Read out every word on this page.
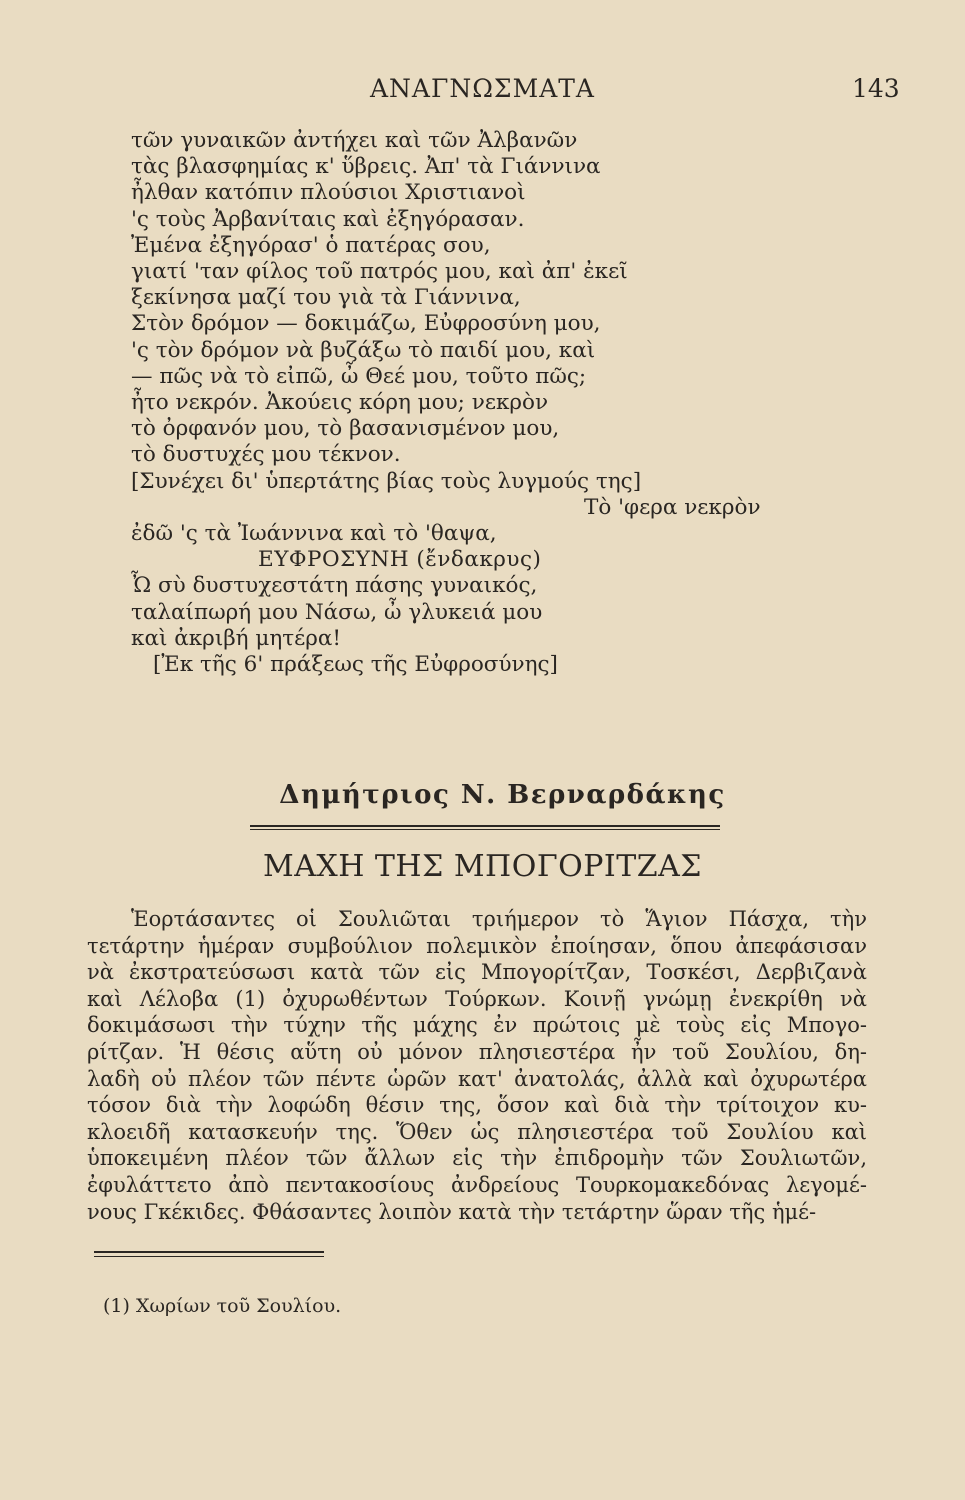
ΑΝΑΓΝΩΣΜΑΤΑ	143
τῶν γυναικῶν ἀντήχει καὶ τῶν Ἀλβανῶν
τὰς βλασφημίας κ' ὕβρεις. Ἀπ' τὰ Γιάννινα
ἦλθαν κατόπιν πλούσιοι Χριστιανοὶ
'ς τοὺς Ἀρβανίταις καὶ ἐξηγόρασαν.
Ἐμένα ἐξηγόρασ' ὁ πατέρας σου,
γιατί 'ταν φίλος τοῦ πατρός μου, καὶ ἀπ' ἐκεῖ
ξεκίνησα μαζί του γιὰ τὰ Γιάννινα,
Στὸν δρόμον — δοκιμάζω, Εὐφροσύνη μου,
'ς τὸν δρόμον νὰ βυζάξω τὸ παιδί μου, καὶ
— πῶς νὰ τὸ εἰπῶ, ὦ Θεέ μου, τοῦτο πῶς;
ἦτο νεκρόν. Ἀκούεις κόρη μου; νεκρὸν
τὸ ὀρφανόν μου, τὸ βασανισμένον μου,
τὸ δυστυχές μου τέκνον.
[Συνέχει δι' ὑπερτάτης βίας τοὺς λυγμούς της]
Τὸ 'φερα νεκρὸν
ἐδῶ 'ς τὰ Ἰωάννινα καὶ τὸ 'θαψα,
ΕΥΦΡΟΣΥΝΗ (ἔνδακρυς)
Ὦ σὺ δυστυχεστάτη πάσης γυναικός,
ταλαίπωρή μου Νάσω, ὦ γλυκειά μου
καὶ ἀκριβή μητέρα!
[Ἐκ τῆς 6' πράξεως τῆς Εὐφροσύνης]
Δημήτριος Ν. Βερναρδάκης
ΜΑΧΗ ΤΗΣ ΜΠΟΓΟΡΙΤΖΑΣ
Ἑορτάσαντες οἱ Σουλιῶται τριήμερον τὸ Ἅγιον Πάσχα, τὴν
τετάρτην ἡμέραν συμβούλιον πολεμικὸν ἐποίησαν, ὅπου ἀπεφάσισαν
νὰ ἐκστρατεύσωσι κατὰ τῶν εἰς Μπογορίτζαν, Τοσκέσι, Δερβιζανὰ
καὶ Λέλοβα (1) ὀχυρωθέντων Τούρκων. Κοινῇ γνώμῃ ἐνεκρίθη νὰ
δοκιμάσωσι τὴν τύχην τῆς μάχης ἐν πρώτοις μὲ τοὺς εἰς Μπογο-
ρίτζαν. Ἡ θέσις αὕτη οὐ μόνον πλησιεστέρα ἦν τοῦ Σουλίου, δη-
λαδὴ οὐ πλέον τῶν πέντε ὡρῶν κατ' ἀνατολάς, ἀλλὰ καὶ ὀχυρωτέρα
τόσον διὰ τὴν λοφώδη θέσιν της, ὅσον καὶ διὰ τὴν τρίτοιχον κυ-
κλοειδῆ κατασκευήν της. Ὅθεν ὡς πλησιεστέρα τοῦ Σουλίου καὶ
ὑποκειμένη πλέον τῶν ἄλλων εἰς τὴν ἐπιδρομὴν τῶν Σουλιωτῶν,
ἐφυλάττετο ἀπὸ πεντακοσίους ἀνδρείους Τουρκομακεδόνας λεγομέ-
νους Γκέκιδες. Φθάσαντες λοιπὸν κατὰ τὴν τετάρτην ὥραν τῆς ἡμέ-
(1) Χωρίων τοῦ Σουλίου.
